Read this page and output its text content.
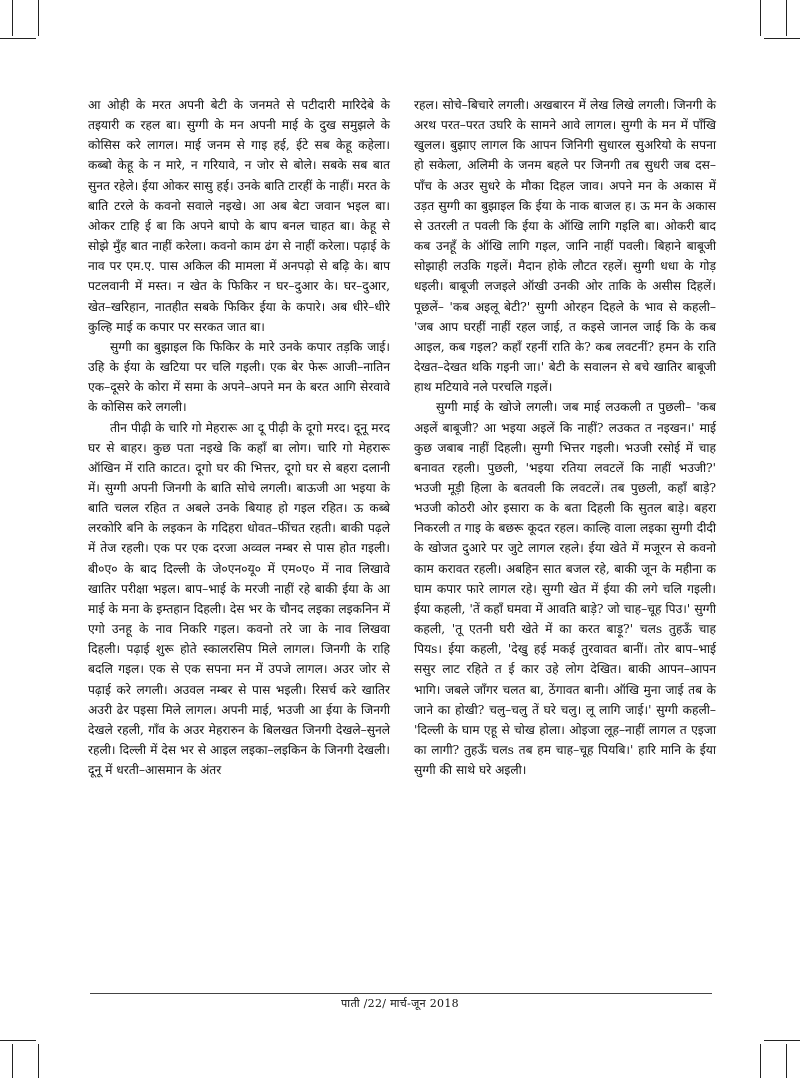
आ ओही के मरत अपनी बेटी के जनमते से पटीदारी मारिदेबे के तइयारी क रहल बा। सुग्गी के मन अपनी माई के दुख समुझले के कोसिस करे लागल। माई जनम से गाइ हई, ईटे सब केहू कहेला। कब्बो केहू के न मारे, न गरियावे, न जोर से बोले। सबके सब बात सुनत रहेले। ईया ओकर सासु हई। उनके बाति टारहीं के नाहीं। मरत के बाति टरले के कवनो सवाले नइखे। आ अब बेटा जवान भइल बा। ओकर टाहि ई बा कि अपने बापो के बाप बनल चाहत बा। केहू से सोझे मुँह बात नाहीं करेला। कवनो काम ढंग से नाहीं करेला। पढ़ाई के नाव पर एम.ए. पास अकिल की मामला में अनपढ़ो से बढ़ि के। बाप पटलवानी में मस्त। न खेत के फिकिर न घर–दुआर के। घर–दुआर, खेत–खरिहान, नातहीत सबके फिकिर ईया के कपारे। अब धीरे–धीरे कुल्हि माई क कपार पर सरकत जात बा।

सुग्गी का बुझाइल कि फिकिर के मारे उनके कपार तड़कि जाई। उहि के ईया के खटिया पर चलि गइली। एक बेर फेरू आजी–नातिन एक–दूसरे के कोरा में समा के अपने–अपने मन के बरत आगि सेरवावे के कोसिस करे लगली।

तीन पीढ़ी के चारि गो मेहरारू आ दू पीढ़ी के दूगो मरद। दूनू मरद घर से बाहर। कुछ पता नइखे कि कहाँ बा लोग। चारि गो मेहरारू ऑखिन में राति काटत। दूगो घर की भित्तर, दूगो घर से बहरा दलानी में। सुग्गी अपनी जिनगी के बाति सोचे लगली। बाऊजी आ भइया के बाति चलल रहित त अबले उनके बियाह हो गइल रहित। ऊ कब्बे लरकोरि बनि के लइकन के गदिहरा धोवत–फींचत रहती। बाकी पढ़ले में तेज रहली। एक पर एक दरजा अव्वल नम्बर से पास होत गइली। बी०ए० के बाद दिल्ली के जे०एन०यू० में एम०ए० में नाव लिखावे खातिर परीक्षा भइल। बाप–भाई के मरजी नाहीं रहे बाकी ईया के आ माई के मना के इम्तहान दिहली। देस भर के चौनद लइका लइकनिन में एगो उनहू के नाव निकरि गइल। कवनो तरे जा के नाव लिखवा दिहली। पढ़ाई शुरू होते स्कालरसिप मिले लागल। जिनगी के राहि बदलि गइल। एक से एक सपना मन में उपजे लागल। अउर जोर से पढ़ाई करे लगली। अउवल नम्बर से पास भइली। रिसर्च करे खातिर अउरी ढेर पइसा मिले लागल। अपनी माई, भउजी आ ईया के जिनगी देखले रहली, गाँव के अउर मेहरारुन के बिलखत जिनगी देखले–सुनले रहली। दिल्ली में देस भर से आइल लइका–लइकिन के जिनगी देखली। दूनू में धरती–आसमान के अंतर

रहल। सोचे–बिचारे लगली। अखबारन में लेख लिखे लगली। जिनगी के अरथ परत–परत उघरि के सामने आवे लागल। सुग्गी के मन में पाँखि खुलल। बुझाए लागल कि आपन जिनिगी सुधारल सुअरियो के सपना हो सकेला, अलिमी के जनम बहले पर जिनगी तब सुधरी जब दस–पाँच के अउर सुधरे के मौका दिहल जाव। अपने मन के अकास में उड़त सुग्गी का बुझाइल कि ईया के नाक बाजल ह। ऊ मन के अकास से उतरली त पवली कि ईया के ऑखि लागि गइलि बा। ओकरी बाद कब उनहूँ के ऑखि लागि गइल, जानि नाहीं पवली। बिहाने बाबूजी सोझाही लउकि गइलें। मैदान होके लौटत रहलें। सुग्गी धधा के गोड़ धइली। बाबूजी लजइले ऑखी उनकी ओर ताकि के असीस दिहलें। पूछलें– 'कब अइलू बेटी?' सुग्गी ओरहन दिहले के भाव से कहली– 'जब आप घरहीं नाहीं रहल जाई, त कइसे जानल जाई कि के कब आइल, कब गइल? कहाँ रहनीं राति के? कब लवटनीं? हमन के राति देखत–देखत थकि गइनी जा।' बेटी के सवालन से बचे खातिर बाबूजी हाथ मटियावे नले परचलि गइलें।

सुग्गी माई के खोजे लगली। जब माई लउकली त पुछली– 'कब अइलें बाबूजी? आ भइया अइलें कि नाहीं? लउकत त नइखन।' माई कुछ जबाब नाहीं दिहली। सुग्गी भित्तर गइली। भउजी रसोई में चाह बनावत रहली। पुछली, 'भइया रतिया लवटलें कि नाहीं भउजी?' भउजी मूड़ी हिला के बतवली कि लवटलें। तब पुछली, कहाँ बाड़े? भउजी कोठरी ओर इसारा क के बता दिहली कि सुतल बाड़े। बहरा निकरली त गाइ के बछरू कूदत रहल। काल्हि वाला लइका सुग्गी दीदी के खोजत दुआरे पर जुटे लागल रहले। ईया खेते में मजूरन से कवनो काम करावत रहली। अबहिन सात बजल रहे, बाकी जून के महीना क घाम कपार फारे लागल रहे। सुग्गी खेत में ईया की लगे चलि गइली। ईया कहली, 'तें कहाँ घमवा में आवति बाड़े? जो चाह–चूह पिउ।' सुग्गी कहली, 'तू एतनी घरी खेते में का करत बाड़ू?' चलs तुहऊँ चाह पियs। ईया कहली, 'देखु हई मकई तुरवावत बानीं। तोर बाप–भाई ससुर लाट रहिते त ई कार उहे लोग देखित। बाकी आपन–आपन भागि। जबले जाँगर चलत बा, ठेंगावत बानी। ऑखि मुना जाई तब के जाने का होखी? चलु–चलु तें घरे चलु। लू लागि जाई।' सुग्गी कहली– 'दिल्ली के घाम एहू से चोख होला। ओइजा लूह–नाहीं लागल त एइजा का लागी? तुहऊँ चलs तब हम चाह–चूह पियबि।' हारि मानि के ईया सुग्गी की साथे घरे अइली।

पाती /22/ मार्च-जून 2018
